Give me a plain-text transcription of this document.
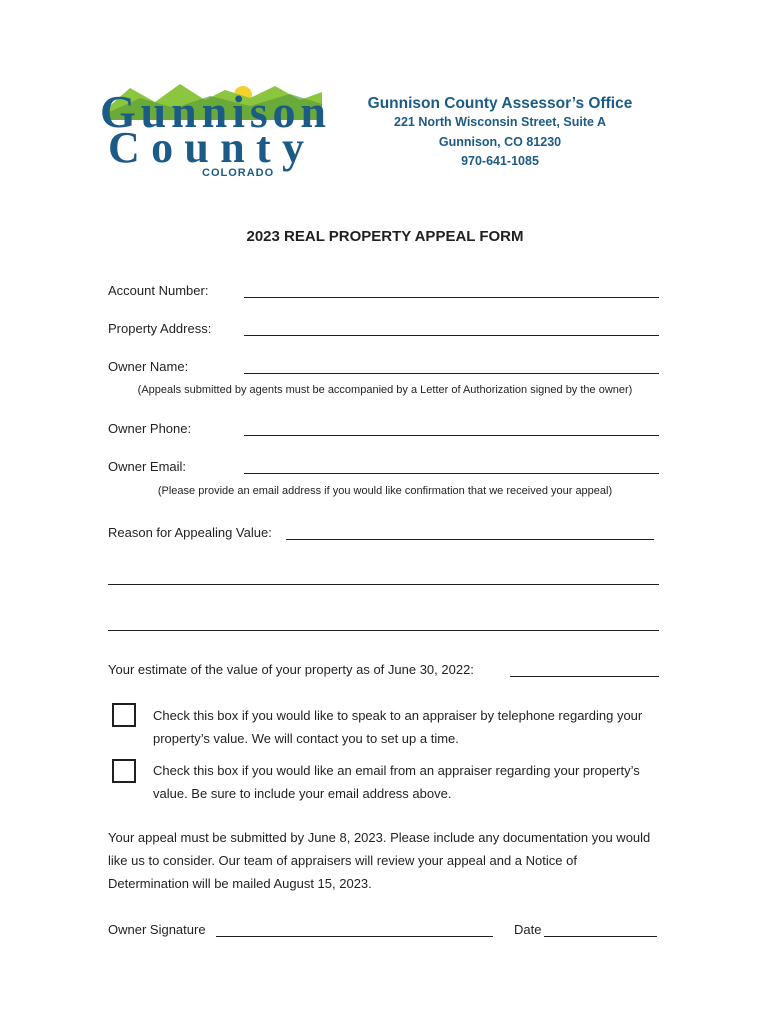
Gunnison
County
COLORADO
Gunnison County Assessor’s Office
221 North Wisconsin Street, Suite A
Gunnison, CO 81230
970-641-1085
2023 REAL PROPERTY APPEAL FORM
Account Number:
Property Address:
Owner Name:
(Appeals submitted by agents must be accompanied by a Letter of Authorization signed by the owner)
Owner Phone:
Owner Email:
(Please provide an email address if you would like confirmation that we received your appeal)
Reason for Appealing Value:
Your estimate of the value of your property as of June 30, 2022:
Check this box if you would like to speak to an appraiser by telephone regarding your property’s value. We will contact you to set up a time.
Check this box if you would like an email from an appraiser regarding your property’s value. Be sure to include your email address above.
Your appeal must be submitted by June 8, 2023. Please include any documentation you would like us to consider. Our team of appraisers will review your appeal and a Notice of Determination will be mailed August 15, 2023.
Owner Signature	Date
